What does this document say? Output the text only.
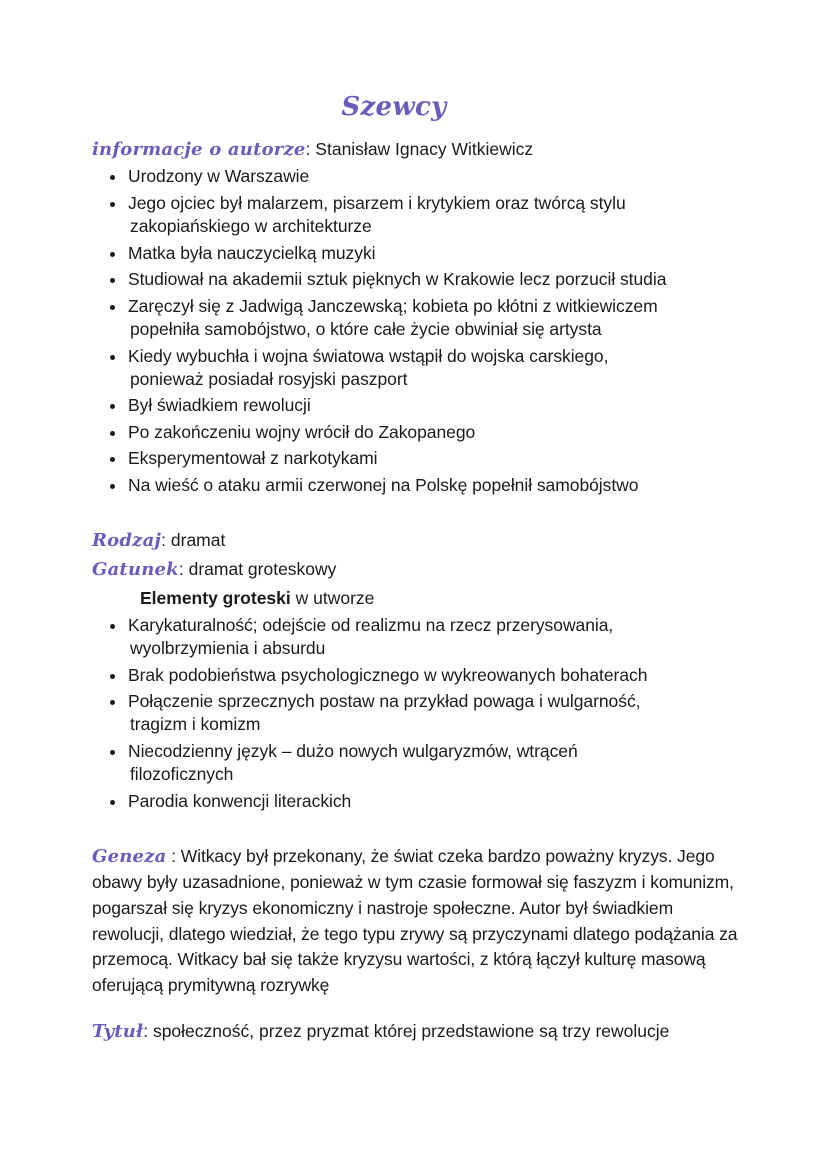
Szewcy

informacje o autorze: Stanisław Ignacy Witkiewicz

Urodzony w Warszawie
Jego ojciec był malarzem, pisarzem i krytykiem oraz twórcą stylu
zakopiańskiego w architekturze
Matka była nauczycielką muzyki
Studiował na akademii sztuk pięknych w Krakowie lecz porzucił studia
Zaręczył się z Jadwigą Janczewską; kobieta po kłótni z witkiewiczem
popełniła samobójstwo, o które całe życie obwiniał się artysta
Kiedy wybuchła i wojna światowa wstąpił do wojska carskiego,
ponieważ posiadał rosyjski paszport
Był świadkiem rewolucji
Po zakończeniu wojny wrócił do Zakopanego
Eksperymentował z narkotykami
Na wieść o ataku armii czerwonej na Polskę popełnił samobójstwo

Rodzaj: dramat

Gatunek: dramat groteskowy

Elementy groteski w utworze

Karykaturalność; odejście od realizmu na rzecz przerysowania,
wyolbrzymienia i absurdu
Brak podobieństwa psychologicznego w wykreowanych bohaterach
Połączenie sprzecznych postaw na przykład powaga i wulgarność,
tragizm i komizm
Niecodzienny język – dużo nowych wulgaryzmów, wtrąceń
filozoficznych
Parodia konwencji literackich

Geneza : Witkacy był przekonany, że świat czeka bardzo poważny kryzys. Jego obawy były uzasadnione, ponieważ w tym czasie formował się faszyzm i komunizm, pogarszał się kryzys ekonomiczny i nastroje społeczne. Autor był świadkiem rewolucji, dlatego wiedział, że tego typu zrywy są przyczynami dlatego podążania za przemocą. Witkacy bał się także kryzysu wartości, z którą łączył kulturę masową oferującą prymitywną rozrywkę

Tytuł: społeczność, przez pryzmat której przedstawione są trzy rewolucje
